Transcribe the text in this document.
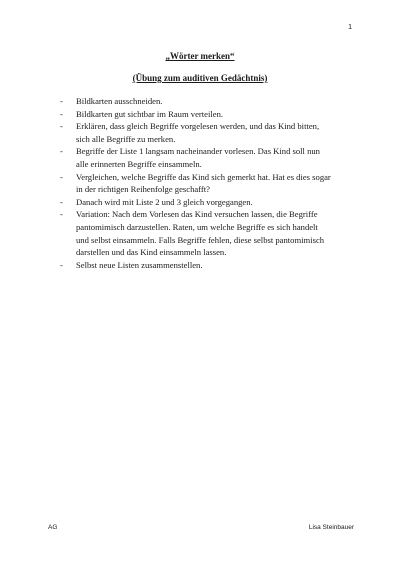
1
„Wörter merken“
(Übung zum auditiven Gedächtnis)
-	Bildkarten ausschneiden.
-	Bildkarten gut sichtbar im Raum verteilen.
-	Erklären, dass gleich Begriffe vorgelesen werden, und das Kind bitten,
sich alle Begriffe zu merken.
-	Begriffe der Liste 1 langsam nacheinander vorlesen. Das Kind soll nun
alle erinnerten Begriffe einsammeln.
-	Vergleichen, welche Begriffe das Kind sich gemerkt hat. Hat es dies sogar
in der richtigen Reihenfolge geschafft?
-	Danach wird mit Liste 2 und 3 gleich vorgegangen.
-	Variation: Nach dem Vorlesen das Kind versuchen lassen, die Begriffe
pantomimisch darzustellen. Raten, um welche Begriffe es sich handelt
und selbst einsammeln. Falls Begriffe fehlen, diese selbst pantomimisch
darstellen und das Kind einsammeln lassen.
-	Selbst neue Listen zusammenstellen.
AG	Lisa Steinbauer
